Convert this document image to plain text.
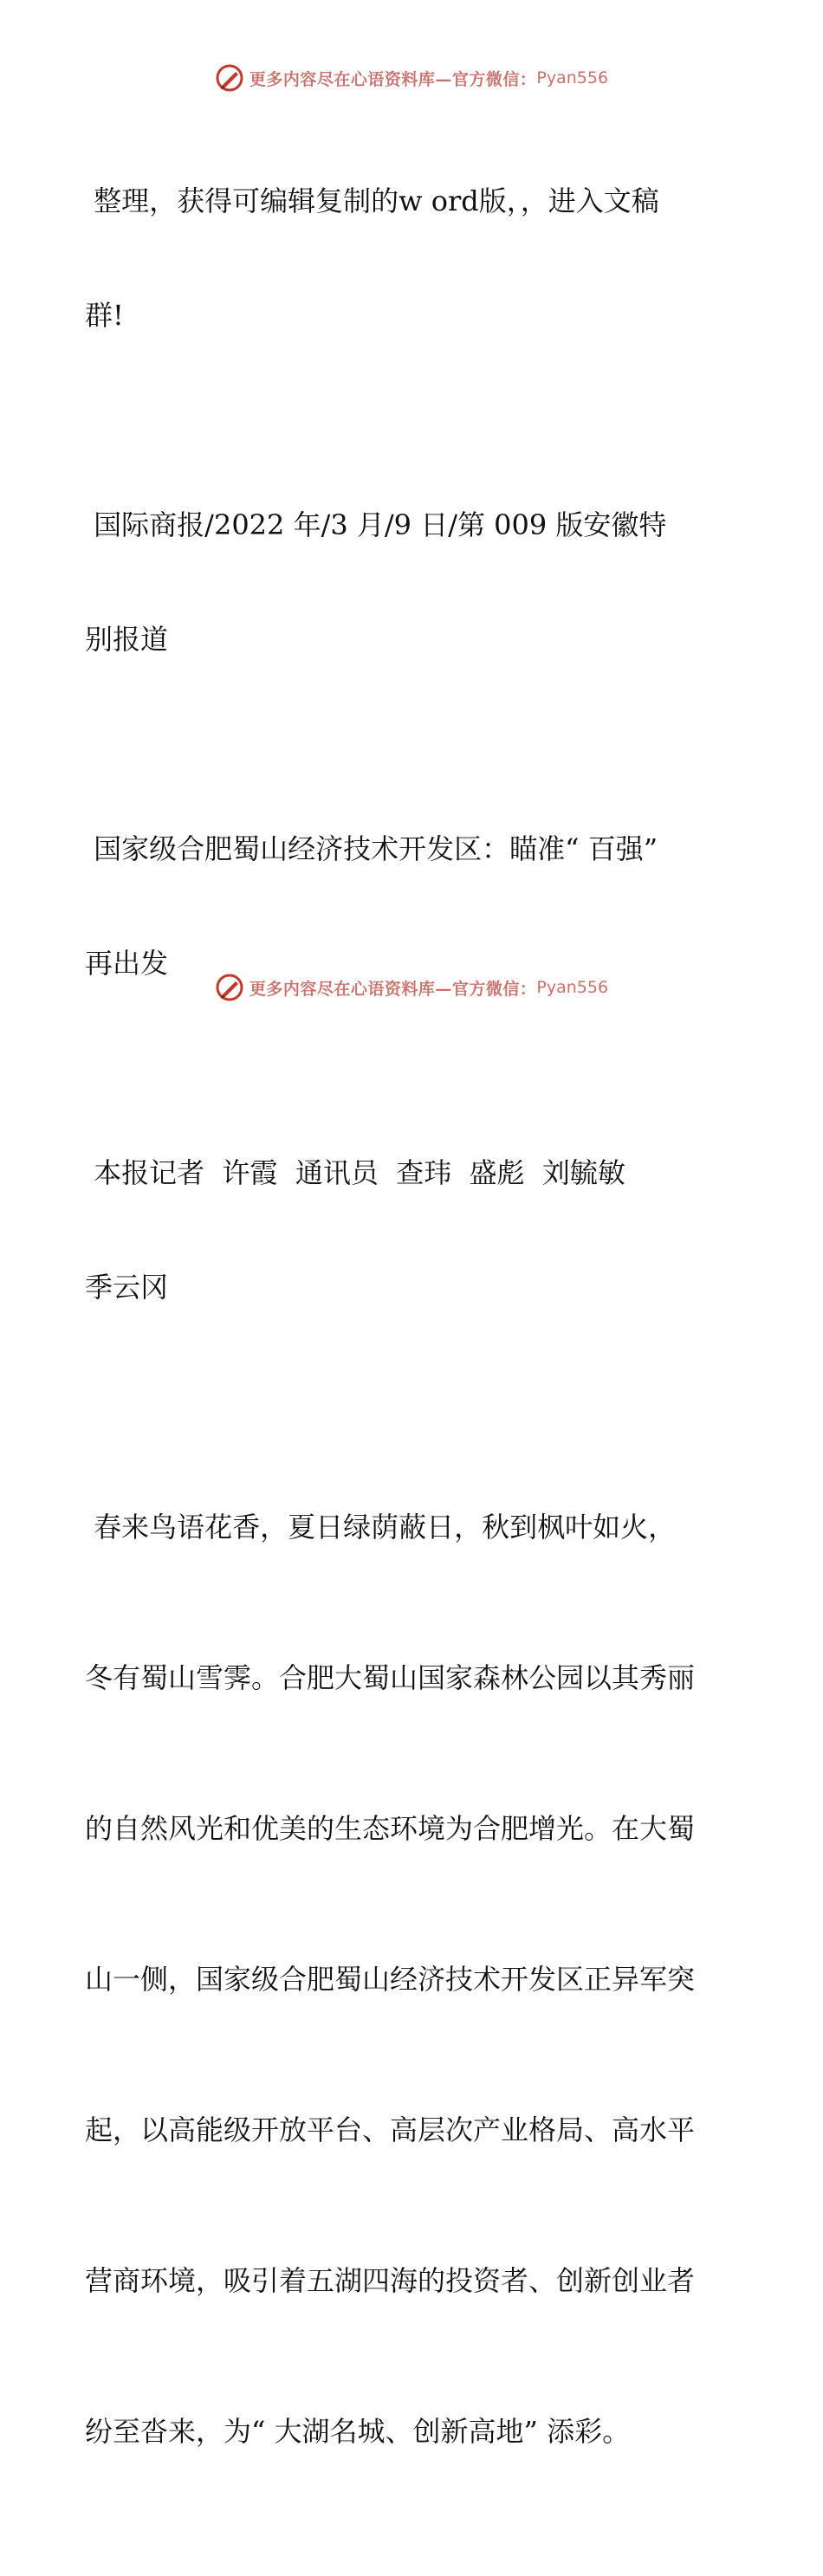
更多内容尽在心语资料库—官方微信： Pyan556

整理，获得可编辑复制的w ord版，，进入文稿

群!

国际商报/2022 年/3 月/9 日/第 009 版安徽特

别报道

国家级合肥蜀山经济技术开发区：瞄准“ 百强”

再出发

本报记者  许霞  通讯员  查玮  盛彪  刘毓敏

季云冈

春来鸟语花香，夏日绿荫蔽日，秋到枫叶如火，

冬有蜀山雪霁。合肥大蜀山国家森林公园以其秀丽

的自然风光和优美的生态环境为合肥增光。在大蜀

山一侧，国家级合肥蜀山经济技术开发区正异军突

起，以高能级开放平台、高层次产业格局、高水平

营商环境，吸引着五湖四海的投资者、创新创业者

纷至沓来，为“ 大湖名城、创新高地” 添彩。

更多内容尽在心语资料库—官方微信： Pyan556
